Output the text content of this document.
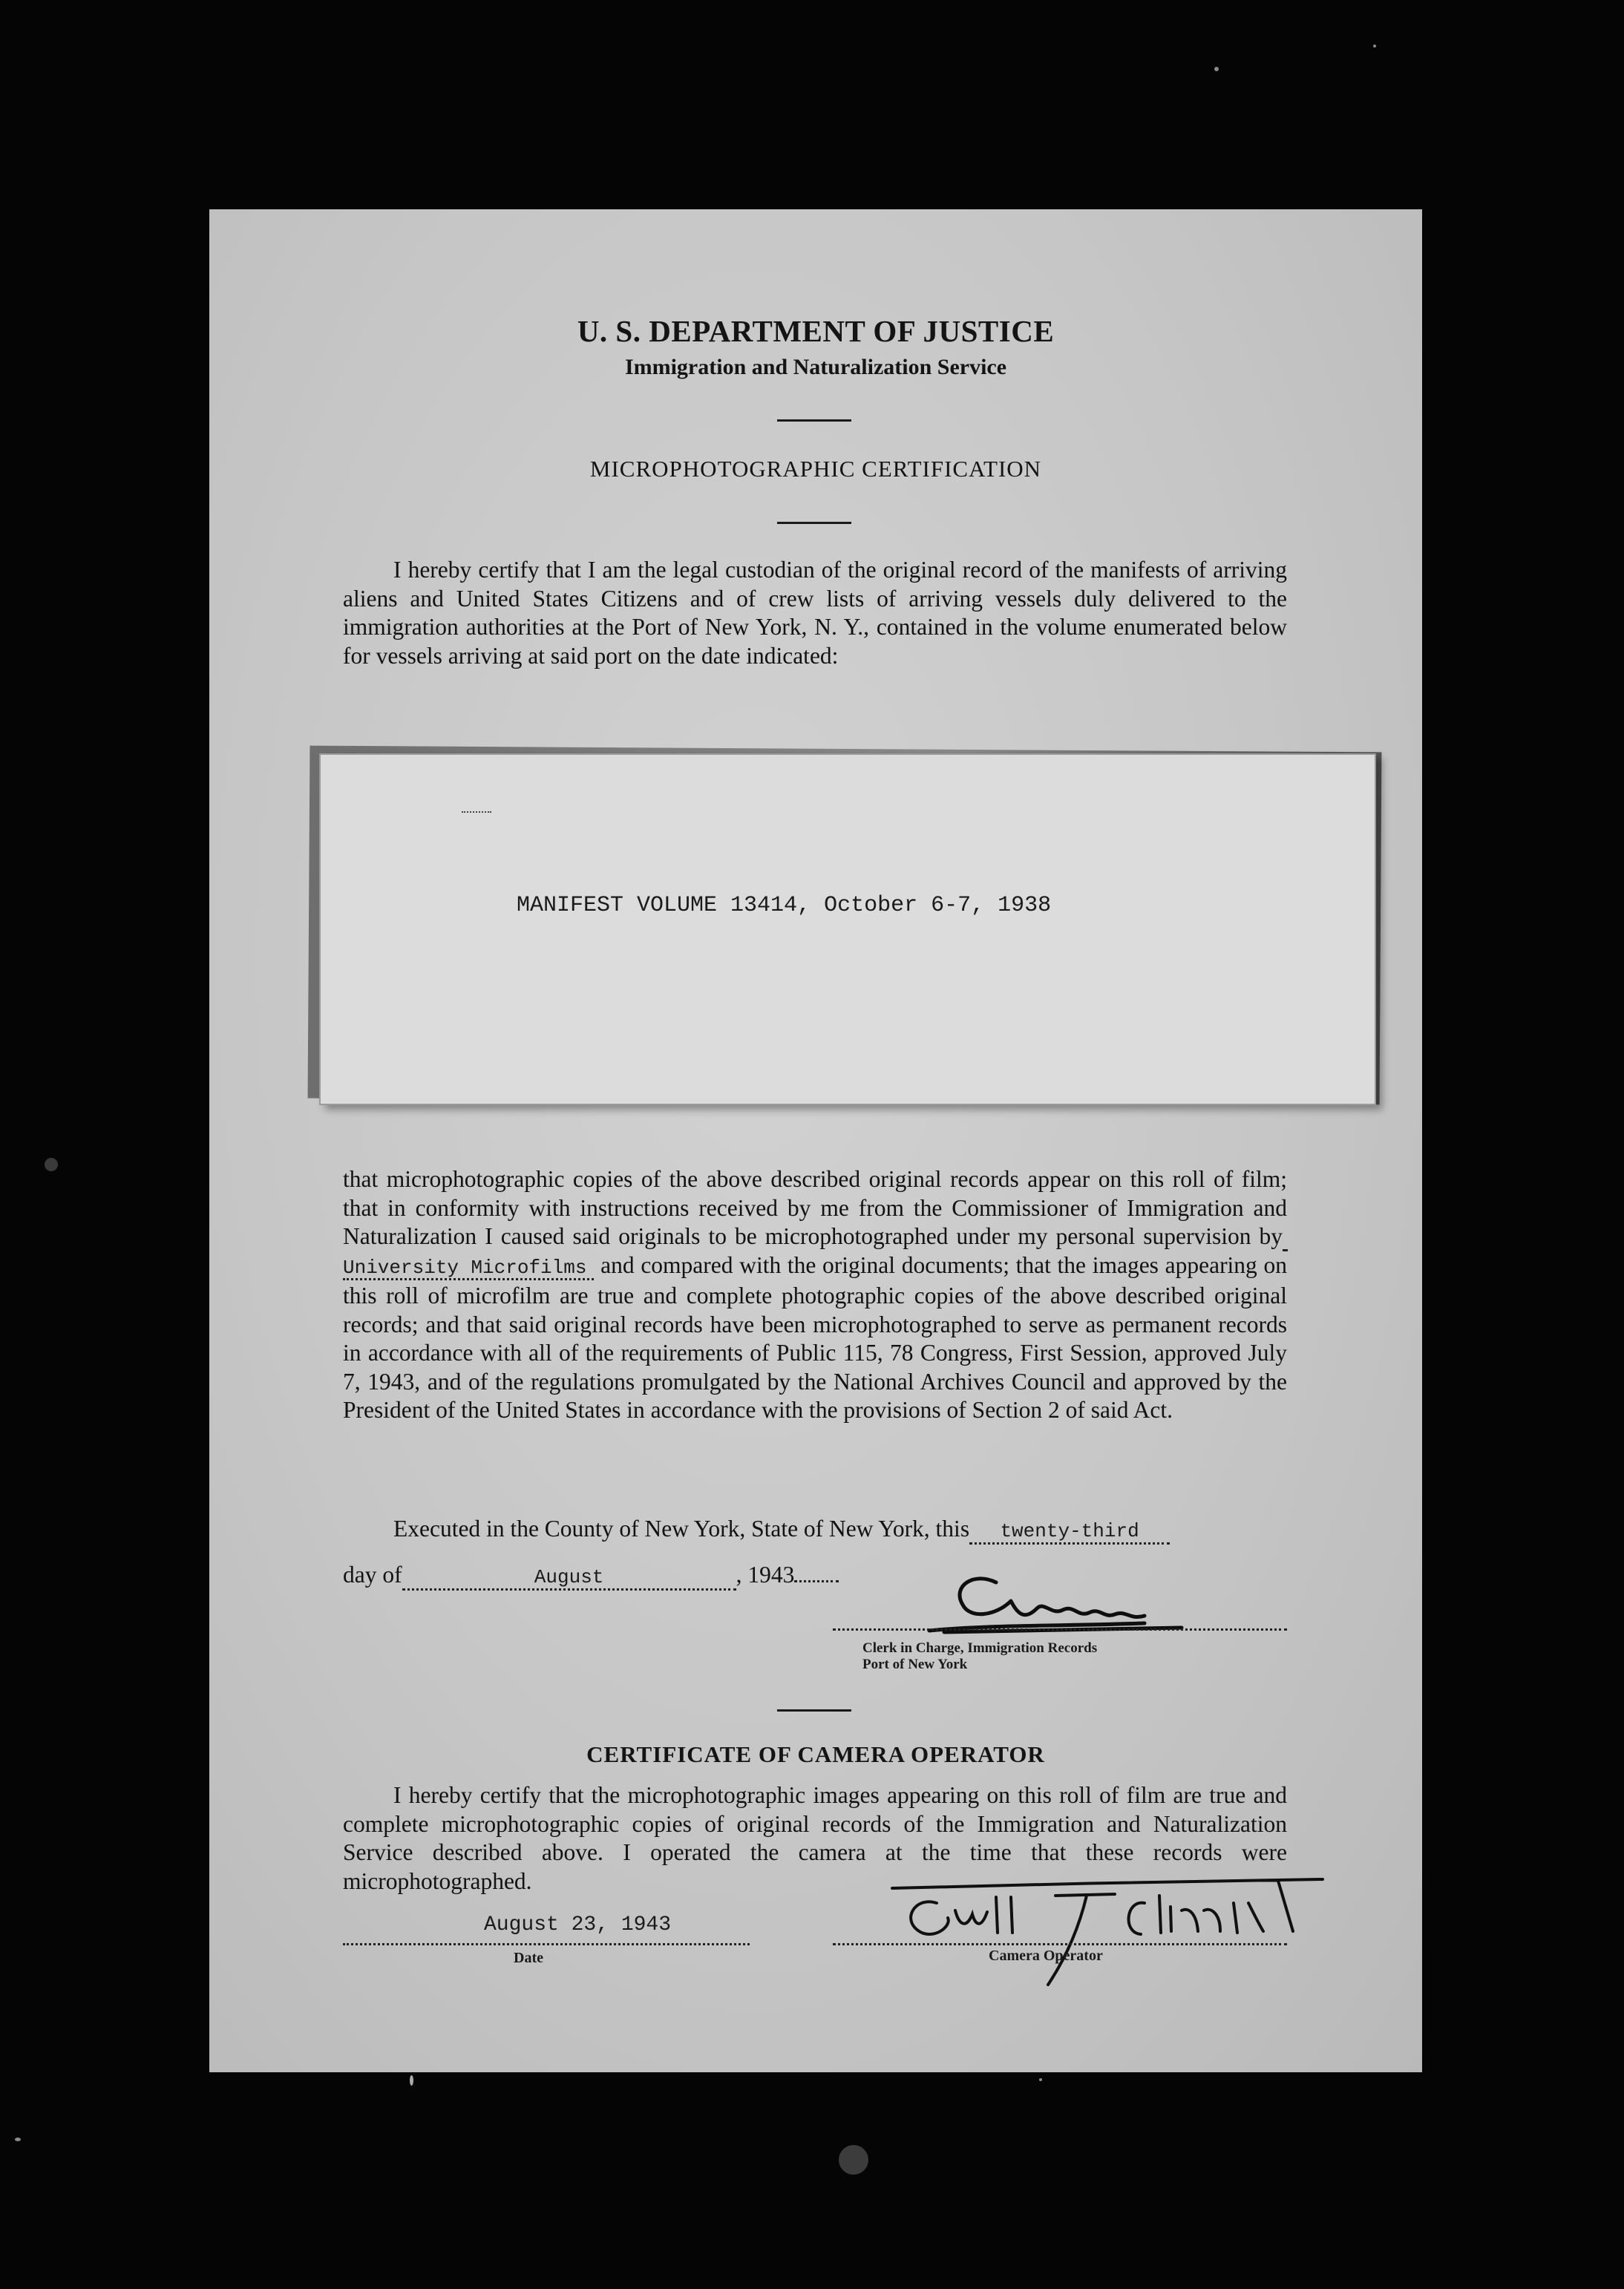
U. S. DEPARTMENT OF JUSTICE
Immigration and Naturalization Service
MICROPHOTOGRAPHIC CERTIFICATION

I hereby certify that I am the legal custodian of the original record of the manifests of arriving aliens and United States Citizens and of crew lists of arriving vessels duly delivered to the immigration authorities at the Port of New York, N. Y., contained in the volume enumerated below for vessels arriving at said port on the date indicated:

MANIFEST VOLUME 13414, October 6-7, 1938

that microphotographic copies of the above described original records appear on this roll of film; that in conformity with instructions received by me from the Commissioner of Immigration and Naturalization I caused said originals to be microphotographed under my personal supervision byUniversity Microfilms and compared with the original documents; that the images appearing on this roll of microfilm are true and complete photographic copies of the above described original records; and that said original records have been microphotographed to serve as permanent records in accordance with all of the requirements of Public 115, 78 Congress, First Session, approved July 7, 1943, and of the regulations promulgated by the National Archives Council and approved by the President of the United States in accordance with the provisions of Section 2 of said Act.

Executed in the County of New York, State of New York, this twenty-third
day of	August	, 1943
Clerk in Charge, Immigration Records
Port of New York
CERTIFICATE OF CAMERA OPERATOR

I hereby certify that the microphotographic images appearing on this roll of film are true and complete microphotographic copies of original records of the Immigration and Naturalization Service described above. I operated the camera at the time that these records were microphotographed.

August 23, 1943
Date	Camera Operator
